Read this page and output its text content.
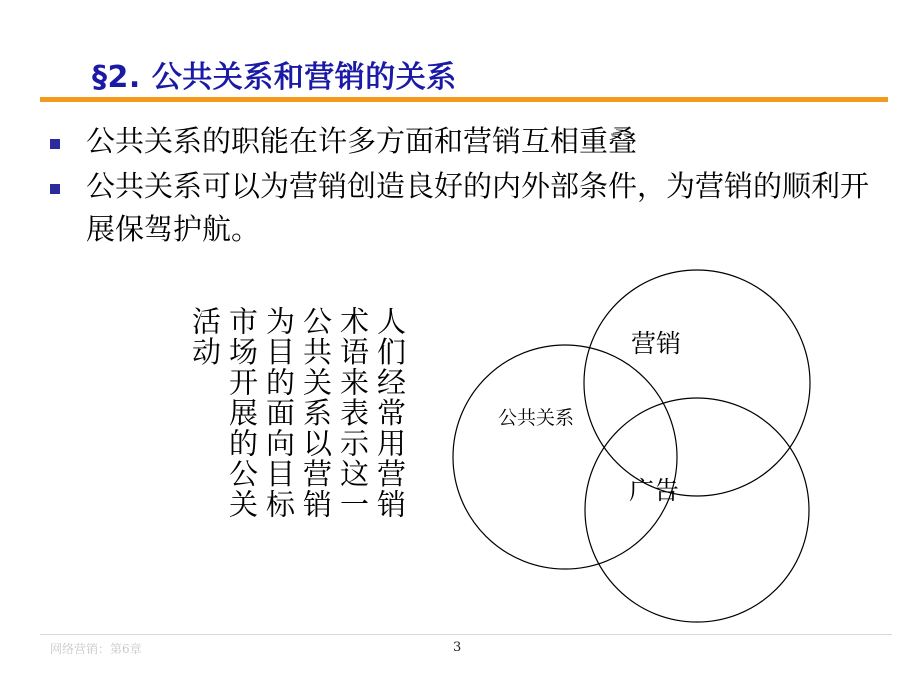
§2. 公共关系和营销的关系
公共关系的职能在许多方面和营销互相重叠
公共关系可以为营销创造良好的内外部条件，为营销的顺利开展保驾护航。
人们经常用营销术语来表示这一公共关系以营销为目的面向目标市场开展的公关活动	营销
公共关系
广告
网络营销：第6章	3
